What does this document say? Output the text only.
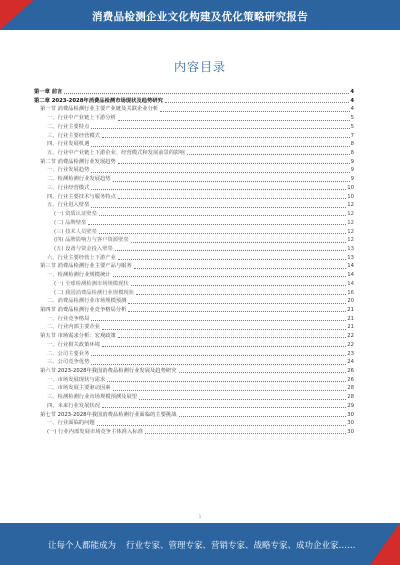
消费品检测企业文化构建及优化策略研究报告
内容目录
第一章 前言	4
第二章 2023-2028年消费品检测市场现状及趋势研究	4
第一节 消费品检测行业主要产业链及关联企业分析	4
一、行业中产业链上下游分析	5
二、行业主要特点	5
三、行业主要经营模式	7
四、行业发展机遇	8
五、行业中产业链上下游企业、经营模式和发展前景的影响	8
第二节 消费品检测行业发展趋势	9
一、行业发展趋势	9
二、检测检测行业发展趋势	9
三、行业经营模式	10
四、行业主要技术与服务特点	10
五、行业进入壁垒	12
(一) 资质认证壁垒	12
(二) 品牌壁垒	12
(三) 技术人员壁垒	12
(四) 品牌影响力与客户资源壁垒	12
(五) 设备与资金投入壁垒	13
六、行业主要经营上下游产业	13
第三节 消费品检测行业主要产品与服务	14
一、检测检测行业规模统计	14
(一) 全球检测检测市场规模现状	14
(二) 我国消费品检测行业规模现状	16
二、消费品检测行业市场规模预测	20
第四节 消费品检测行业竞争格局分析	21
一、行业竞争格局	21
二、行业内部主要企业	21
第五节 市场需求分析：宏观政策	22
一、行业相关政策环境	22
二、公司主要业务	23
三、公司竞争优势	24
第六节 2023-2028年我国消费品检测行业发展及趋势研究	26
一、市场发展现状与需求	26
二、市场发展主要驱动因素	28
三、检测检测行业市场规模预测及展望	28
四、未来行业发展状况	29
第七节 2023-2028年我国消费品检测行业面临的主要挑战	30
一、行业面临的问题	30
(一) 行业内部发展市场竞争主体准入标准	30
1
让每个人都能成为 行业专家、管理专家、营销专家、战略专家、成功企业家……
